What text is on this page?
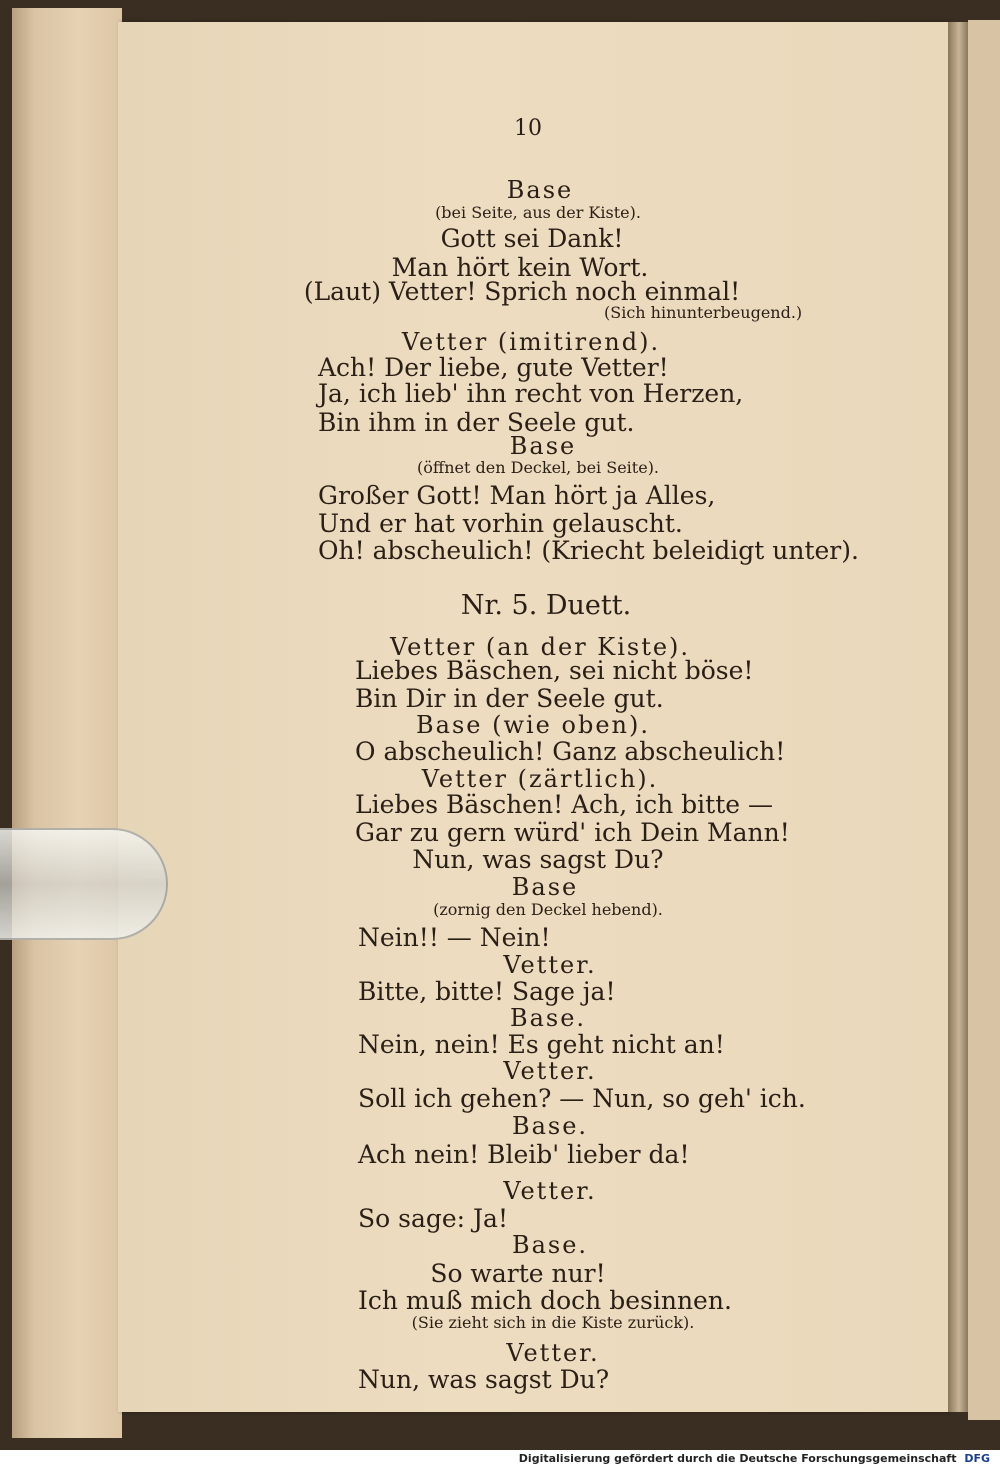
10
Base
(bei Seite, aus der Kiste).
Gott sei Dank!
Man hört kein Wort.
(Laut) Vetter! Sprich noch einmal!
(Sich hinunterbeugend.)
Vetter (imitirend).
Ach! Der liebe, gute Vetter!
Ja, ich lieb' ihn recht von Herzen,
Bin ihm in der Seele gut.
Base
(öffnet den Deckel, bei Seite).
Großer Gott! Man hört ja Alles,
Und er hat vorhin gelauscht.
Oh! abscheulich! (Kriecht beleidigt unter).
Nr. 5. Duett.
Vetter (an der Kiste).
Liebes Bäschen, sei nicht böse!
Bin Dir in der Seele gut.
Base (wie oben).
O abscheulich! Ganz abscheulich!
Vetter (zärtlich).
Liebes Bäschen! Ach, ich bitte —
Gar zu gern würd' ich Dein Mann!
Nun, was sagst Du?
Base
(zornig den Deckel hebend).
Nein!! — Nein!
Vetter.
Bitte, bitte! Sage ja!
Base.
Nein, nein! Es geht nicht an!
Vetter.
Soll ich gehen? — Nun, so geh' ich.
Base.
Ach nein! Bleib' lieber da!
Vetter.
So sage: Ja!
Base.
So warte nur!
Ich muß mich doch besinnen.
(Sie zieht sich in die Kiste zurück).
Vetter.
Nun, was sagst Du?
Digitalisierung gefördert durch die Deutsche Forschungsgemeinschaft DFG
